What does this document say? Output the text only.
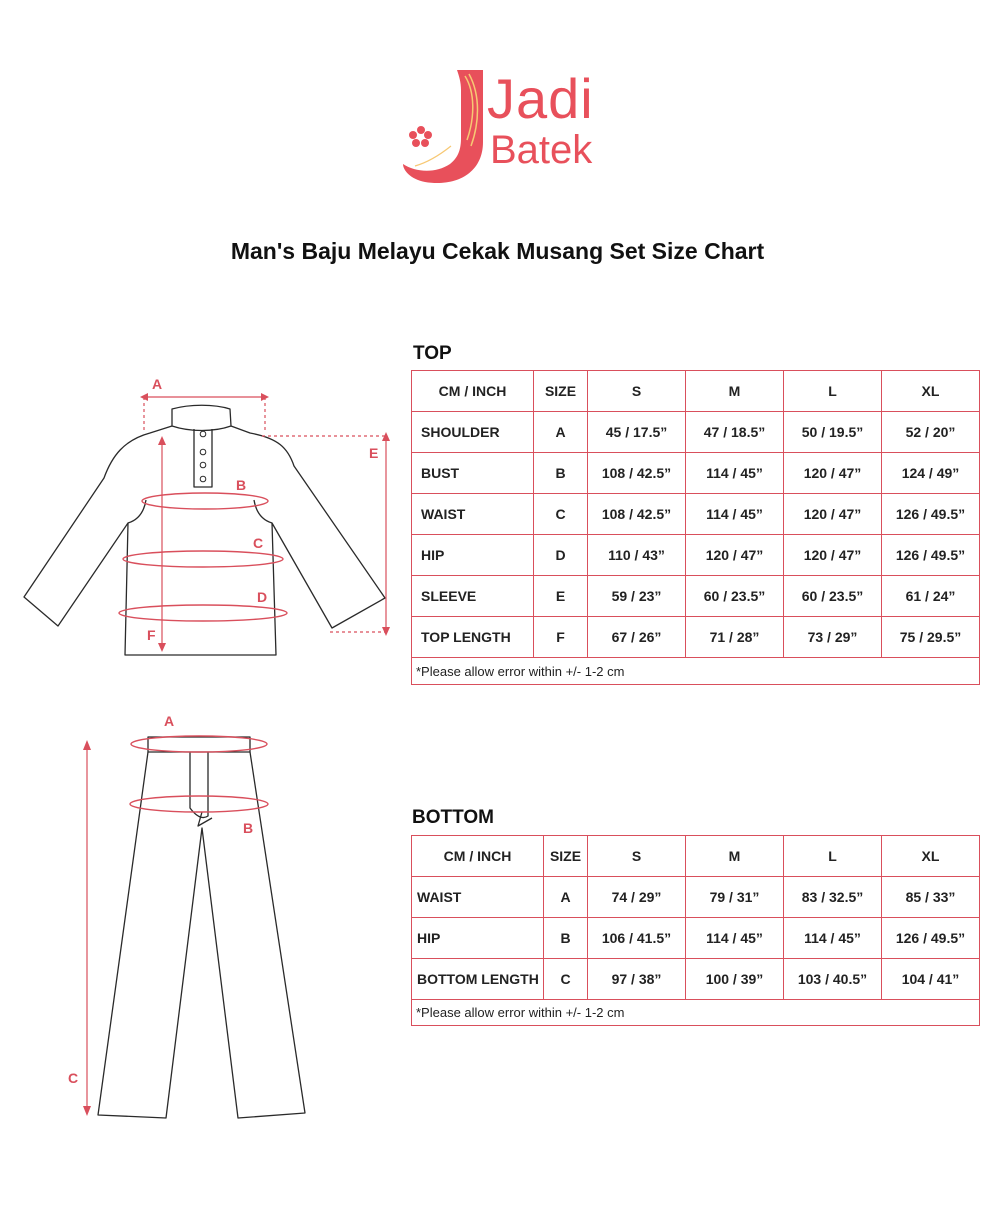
Jadi
Batek
Man's Baju Melayu Cekak Musang Set Size Chart
A
B
C
D
E
F
A
B
C
TOP
CM / INCH	SIZE	S	M	L	XL
SHOULDER	A	45 / 17.5”	47 / 18.5”	50 / 19.5”	52 / 20”
BUST	B	108 / 42.5”	114 / 45”	120 / 47”	124 / 49”
WAIST	C	108 / 42.5”	114 / 45”	120 / 47”	126 / 49.5”
HIP	D	110 / 43”	120 / 47”	120 / 47”	126 / 49.5”
SLEEVE	E	59 / 23”	60 / 23.5”	60 / 23.5”	61 / 24”
TOP LENGTH	F	67 / 26”	71 / 28”	73 / 29”	75 / 29.5”
*Please allow error within +/- 1-2 cm					
BOTTOM
CM / INCH	SIZE	S	M	L	XL
WAIST	A	74 / 29”	79 / 31”	83 / 32.5”	85 / 33”
HIP	B	106 / 41.5”	114 / 45”	114 / 45”	126 / 49.5”
BOTTOM LENGTH	C	97 / 38”	100 / 39”	103 / 40.5”	104 / 41”
*Please allow error within +/- 1-2 cm					
